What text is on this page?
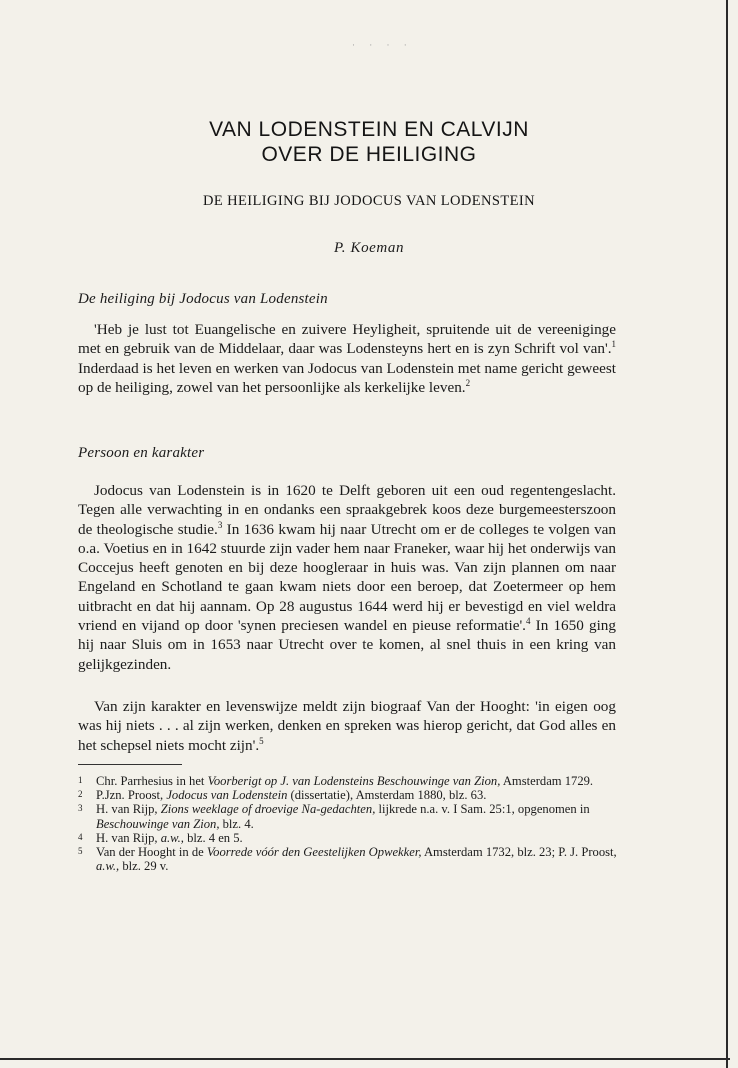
· · · ·
VAN LODENSTEIN EN CALVIJN
OVER DE HEILIGING
DE HEILIGING BIJ JODOCUS VAN LODENSTEIN
P. Koeman
De heiliging bij Jodocus van Lodenstein

'Heb je lust tot Euangelische en zuivere Heyligheit, spruitende uit de vereeniginge met en gebruik van de Middelaar, daar was Lodensteyns hert en is zyn Schrift vol van'.$^1$ Inderdaad is het leven en werken van Jodocus van Lodenstein met name gericht geweest op de heiliging, zowel van het persoonlijke als kerkelijke leven.$^2$

Persoon en karakter

Jodocus van Lodenstein is in 1620 te Delft geboren uit een oud regentengeslacht. Tegen alle verwachting in en ondanks een spraakgebrek koos deze burgemeesterszoon de theologische studie.$^3$ In 1636 kwam hij naar Utrecht om er de colleges te volgen van o.a. Voetius en in 1642 stuurde zijn vader hem naar Franeker, waar hij het onderwijs van Coccejus heeft genoten en bij deze hoogleraar in huis was. Van zijn plannen om naar Engeland en Schotland te gaan kwam niets door een beroep, dat Zoetermeer op hem uitbracht en dat hij aannam. Op 28 augustus 1644 werd hij er bevestigd en viel weldra vriend en vijand op door 'synen preciesen wandel en pieuse reformatie'.$^4$ In 1650 ging hij naar Sluis om in 1653 naar Utrecht over te komen, al snel thuis in een kring van gelijkgezinden.

Van zijn karakter en levenswijze meldt zijn biograaf Van der Hooght: 'in eigen oog was hij niets . . . al zijn werken, denken en spreken was hierop gericht, dat God alles en het schepsel niets mocht zijn'.$^5$

1	Chr. Parrhesius in het Voorberigt op J. van Lodensteins Beschouwinge van Zion, Amsterdam 1729.
2	P.Jzn. Proost, Jodocus van Lodenstein (dissertatie), Amsterdam 1880, blz. 63.
3	H. van Rijp, Zions weeklage of droevige Na-gedachten, lijkrede n.a. v. I Sam. 25:1, opgenomen in Beschouwinge van Zion, blz. 4.
4	H. van Rijp, a.w., blz. 4 en 5.
5	Van der Hooght in de Voorrede vóór den Geestelijken Opwekker, Amsterdam 1732, blz. 23; P. J. Proost, a.w., blz. 29 v.
